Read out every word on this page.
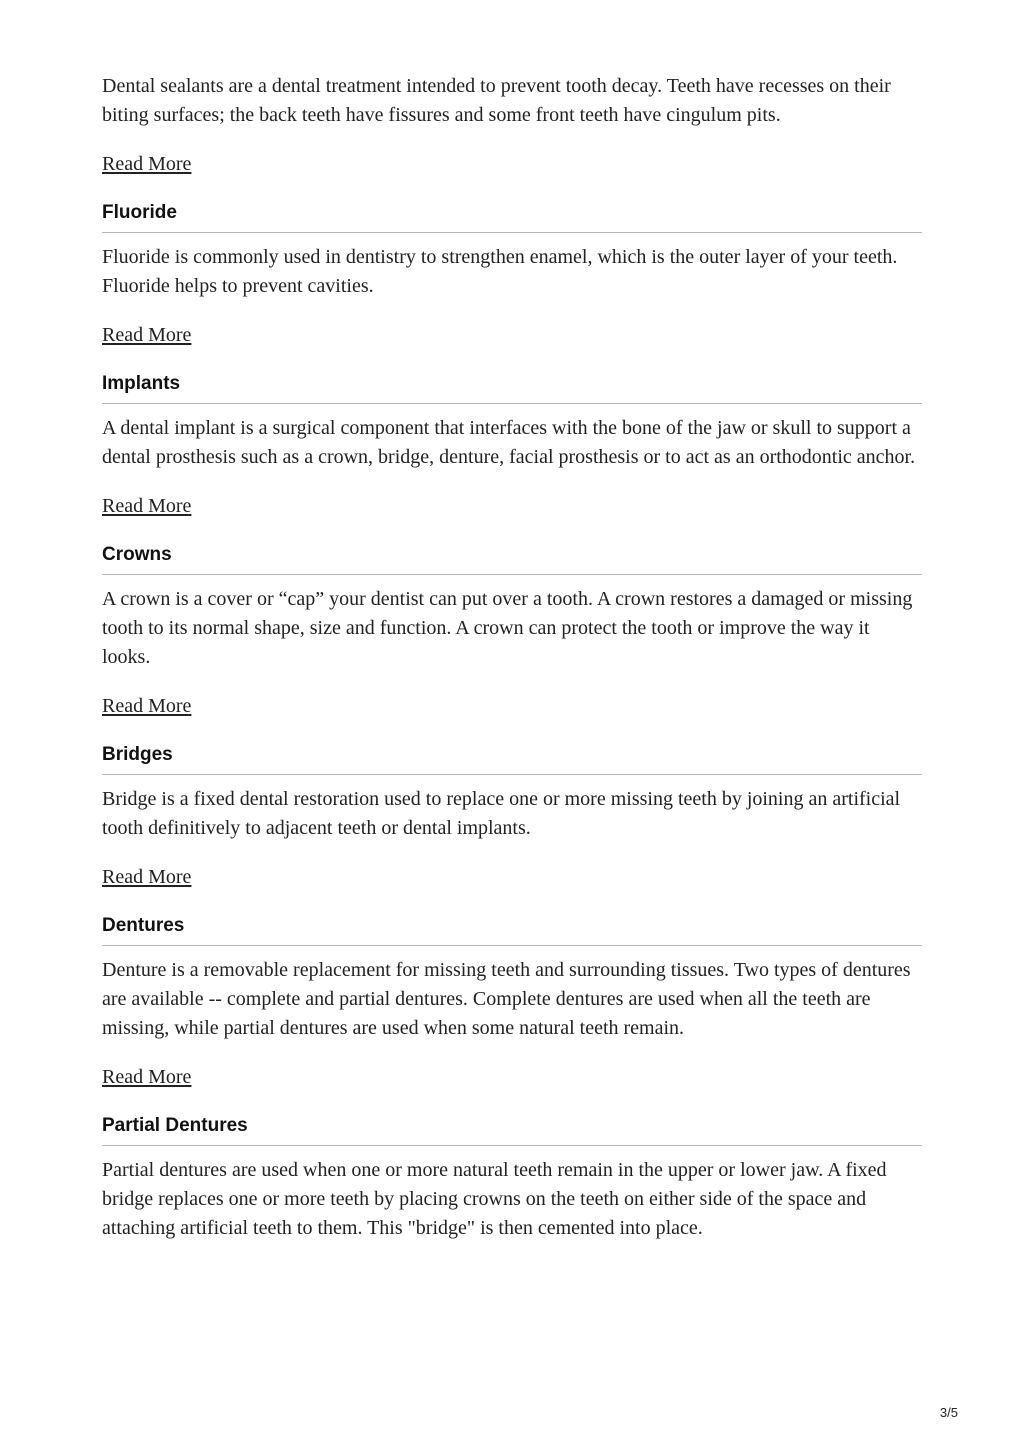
Dental sealants are a dental treatment intended to prevent tooth decay. Teeth have recesses on their biting surfaces; the back teeth have fissures and some front teeth have cingulum pits.

Read More
Fluoride

Fluoride is commonly used in dentistry to strengthen enamel, which is the outer layer of your teeth. Fluoride helps to prevent cavities.

Read More
Implants

A dental implant is a surgical component that interfaces with the bone of the jaw or skull to support a dental prosthesis such as a crown, bridge, denture, facial prosthesis or to act as an orthodontic anchor.

Read More
Crowns

A crown is a cover or “cap” your dentist can put over a tooth. A crown restores a damaged or missing tooth to its normal shape, size and function. A crown can protect the tooth or improve the way it looks.

Read More
Bridges

Bridge is a fixed dental restoration used to replace one or more missing teeth by joining an artificial tooth definitively to adjacent teeth or dental implants.

Read More
Dentures

Denture is a removable replacement for missing teeth and surrounding tissues. Two types of dentures are available -- complete and partial dentures. Complete dentures are used when all the teeth are missing, while partial dentures are used when some natural teeth remain.

Read More
Partial Dentures

Partial dentures are used when one or more natural teeth remain in the upper or lower jaw. A fixed bridge replaces one or more teeth by placing crowns on the teeth on either side of the space and attaching artificial teeth to them. This "bridge" is then cemented into place.

3/5
